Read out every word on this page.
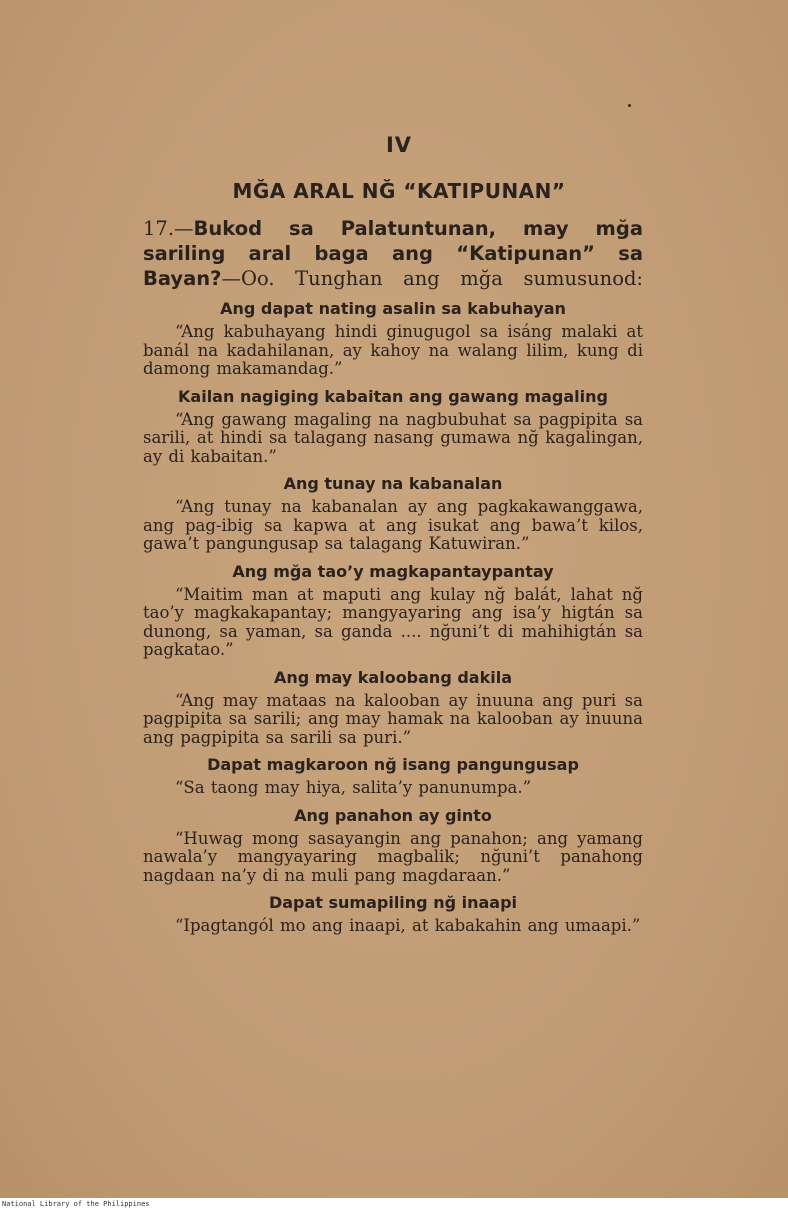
IV
MĞA ARAL NĞ “KATIPUNAN”

17.—Bukod sa Palatuntunan, may mğa sariling aral baga ang “Katipunan” sa Bayan?—Oo. Tunghan ang mğa sumusunod:

Ang dapat nating asalin sa kabuhayan

“Ang kabuhayang hindi ginugugol sa isáng malaki at banál na kadahilanan, ay kahoy na walang lilim, kung di damong makamandag.”

Kailan nagiging kabaitan ang gawang magaling

“Ang gawang magaling na nagbubuhat sa pagpipita sa sarili, at hindi sa talagang nasang gumawa nğ kagalingan, ay di kabaitan.”

Ang tunay na kabanalan

“Ang tunay na kabanalan ay ang pagkakawanggawa, ang pag-ibig sa kapwa at ang isukat ang bawa’t kilos, gawa’t pangungusap sa talagang Katuwiran.”

Ang mğa tao’y magkapantaypantay

“Maitim man at maputi ang kulay nğ balát, lahat nğ tao’y magkakapantay; mangyayaring ang isa’y higtán sa dunong, sa yaman, sa ganda .... nğuni’t di mahihigtán sa pagkatao.”

Ang may kaloobang dakila

“Ang may mataas na kalooban ay inuuna ang puri sa pagpipita sa sarili; ang may hamak na kalooban ay inuuna ang pagpipita sa sarili sa puri.”

Dapat magkaroon nğ isang pangungusap

“Sa taong may hiya, salita’y panunumpa.”

Ang panahon ay ginto

“Huwag mong sasayangin ang panahon; ang yamang nawala’y mangyayaring magbalik; nğuni’t panahong nagdaan na’y di na muli pang magdaraan.”

Dapat sumapiling nğ inaapi

“Ipagtangól mo ang inaapi, at kabakahin ang umaapi.”

National Library of the Philippines
